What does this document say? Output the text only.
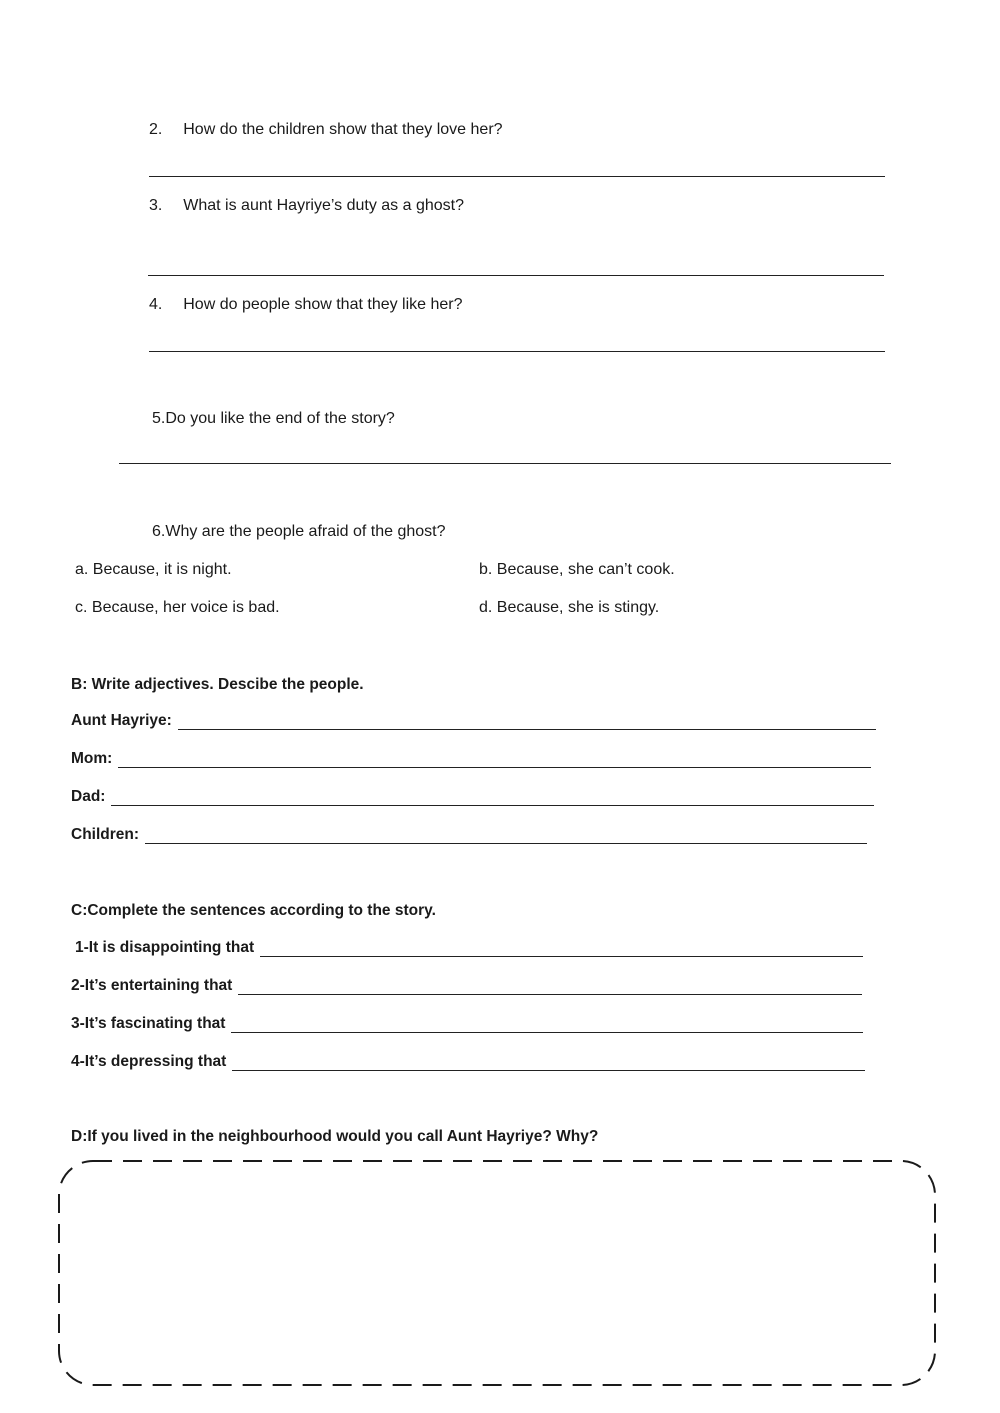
2. How do the children show that they love her?
3. What is aunt Hayriye’s duty as a ghost?
4. How do people show that they like her?
5.Do you like the end of the story?
6.Why are the people afraid of the ghost?
a. Because, it is night.	b. Because, she can’t cook.
c. Because, her voice is bad.	d. Because, she is stingy.
B: Write adjectives. Descibe the people.
Aunt Hayriye:
Mom:
Dad:
Children:
C:Complete the sentences according to the story.
1-It is disappointing that
2-It’s entertaining that
3-It’s fascinating that
4-It’s depressing that
D:If you lived in the neighbourhood would you call Aunt Hayriye? Why?
